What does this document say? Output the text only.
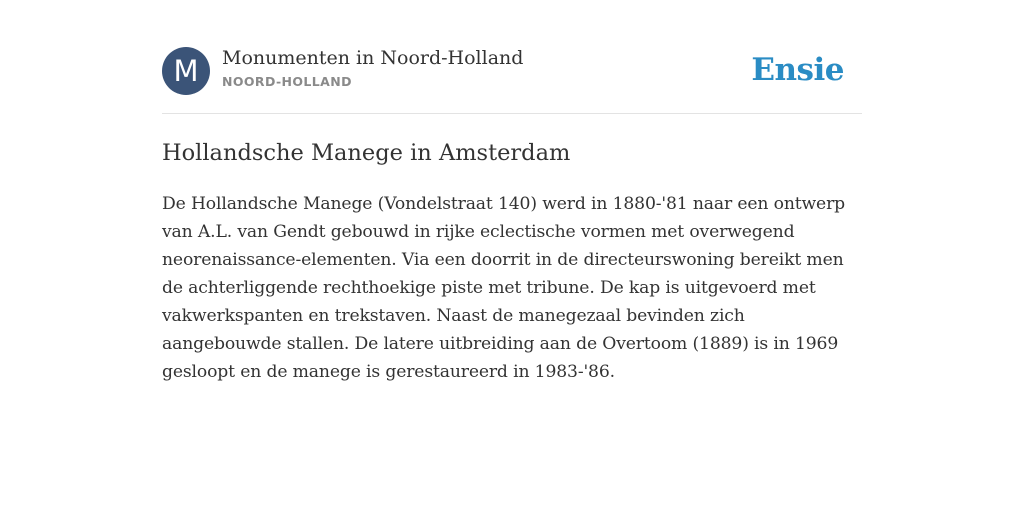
M	Monumenten in Noord-Holland
NOORD-HOLLAND	Ensie
Hollandsche Manege in Amsterdam

De Hollandsche Manege (Vondelstraat 140) werd in 1880-'81 naar een ontwerp van A.L. van Gendt gebouwd in rijke eclectische vormen met overwegend neorenaissance-elementen. Via een doorrit in de directeurswoning bereikt men de achterliggende rechthoekige piste met tribune. De kap is uitgevoerd met vakwerkspanten en trekstaven. Naast de manegezaal bevinden zich aangebouwde stallen. De latere uitbreiding aan de Overtoom (1889) is in 1969 gesloopt en de manege is gerestaureerd in 1983-'86.
